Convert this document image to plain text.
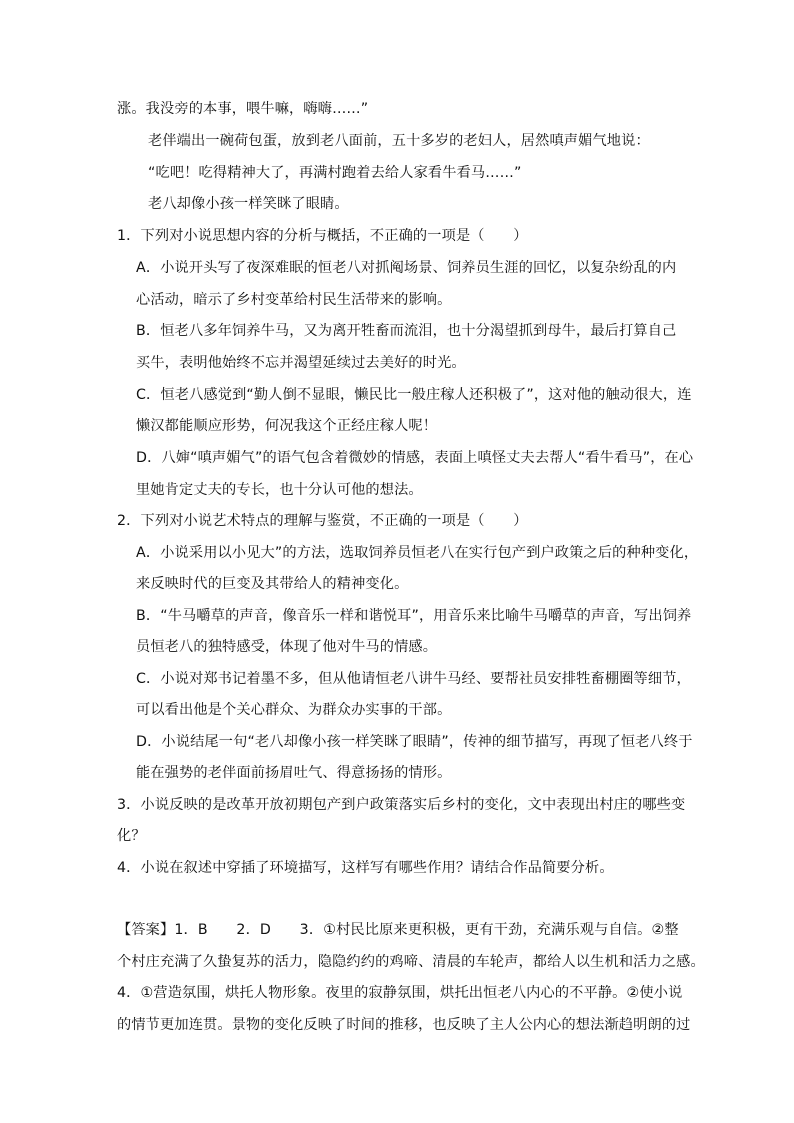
涨。我没旁的本事，喂牛嘛，嗨嗨……”
老伴端出一碗荷包蛋，放到老八面前，五十多岁的老妇人，居然嗔声媚气地说：
“吃吧！吃得精神大了，再满村跑着去给人家看牛看马……”
老八却像小孩一样笑眯了眼睛。
1．下列对小说思想内容的分析与概括，不正确的一项是（　　）
A．小说开头写了夜深难眠的恒老八对抓阄场景、饲养员生涯的回忆，以复杂纷乱的内
心活动，暗示了乡村变革给村民生活带来的影响。
B．恒老八多年饲养牛马，又为离开牲畜而流泪，也十分渴望抓到母牛，最后打算自己
买牛，表明他始终不忘并渴望延续过去美好的时光。
C．恒老八感觉到“勤人倒不显眼，懒民比一般庄稼人还积极了”，这对他的触动很大，连
懒汉都能顺应形势，何况我这个正经庄稼人呢！
D．八婶“嗔声媚气”的语气包含着微妙的情感，表面上嗔怪丈夫去帮人“看牛看马”，在心
里她肯定丈夫的专长，也十分认可他的想法。
2．下列对小说艺术特点的理解与鉴赏，不正确的一项是（　　）
A．小说采用以小见大”的方法，选取饲养员恒老八在实行包产到户政策之后的种种变化，
来反映时代的巨变及其带给人的精神变化。
B．“牛马嚼草的声音，像音乐一样和谐悦耳”，用音乐来比喻牛马嚼草的声音，写出饲养
员恒老八的独特感受，体现了他对牛马的情感。
C．小说对郑书记着墨不多，但从他请恒老八讲牛马经、要帮社员安排牲畜棚圈等细节，
可以看出他是个关心群众、为群众办实事的干部。
D．小说结尾一句“老八却像小孩一样笑眯了眼睛”，传神的细节描写，再现了恒老八终于
能在强势的老伴面前扬眉吐气、得意扬扬的情形。
3．小说反映的是改革开放初期包产到户政策落实后乡村的变化，文中表现出村庄的哪些变
化？
4．小说在叙述中穿插了环境描写，这样写有哪些作用？请结合作品简要分析。
【答案】1．B　　2．D　　3．①村民比原来更积极，更有干劲，充满乐观与自信。②整
个村庄充满了久蛰复苏的活力，隐隐约约的鸡啼、清晨的车轮声，都给人以生机和活力之感。
4．①营造氛围，烘托人物形象。夜里的寂静氛围，烘托出恒老八内心的不平静。②使小说
的情节更加连贯。景物的变化反映了时间的推移，也反映了主人公内心的想法渐趋明朗的过
